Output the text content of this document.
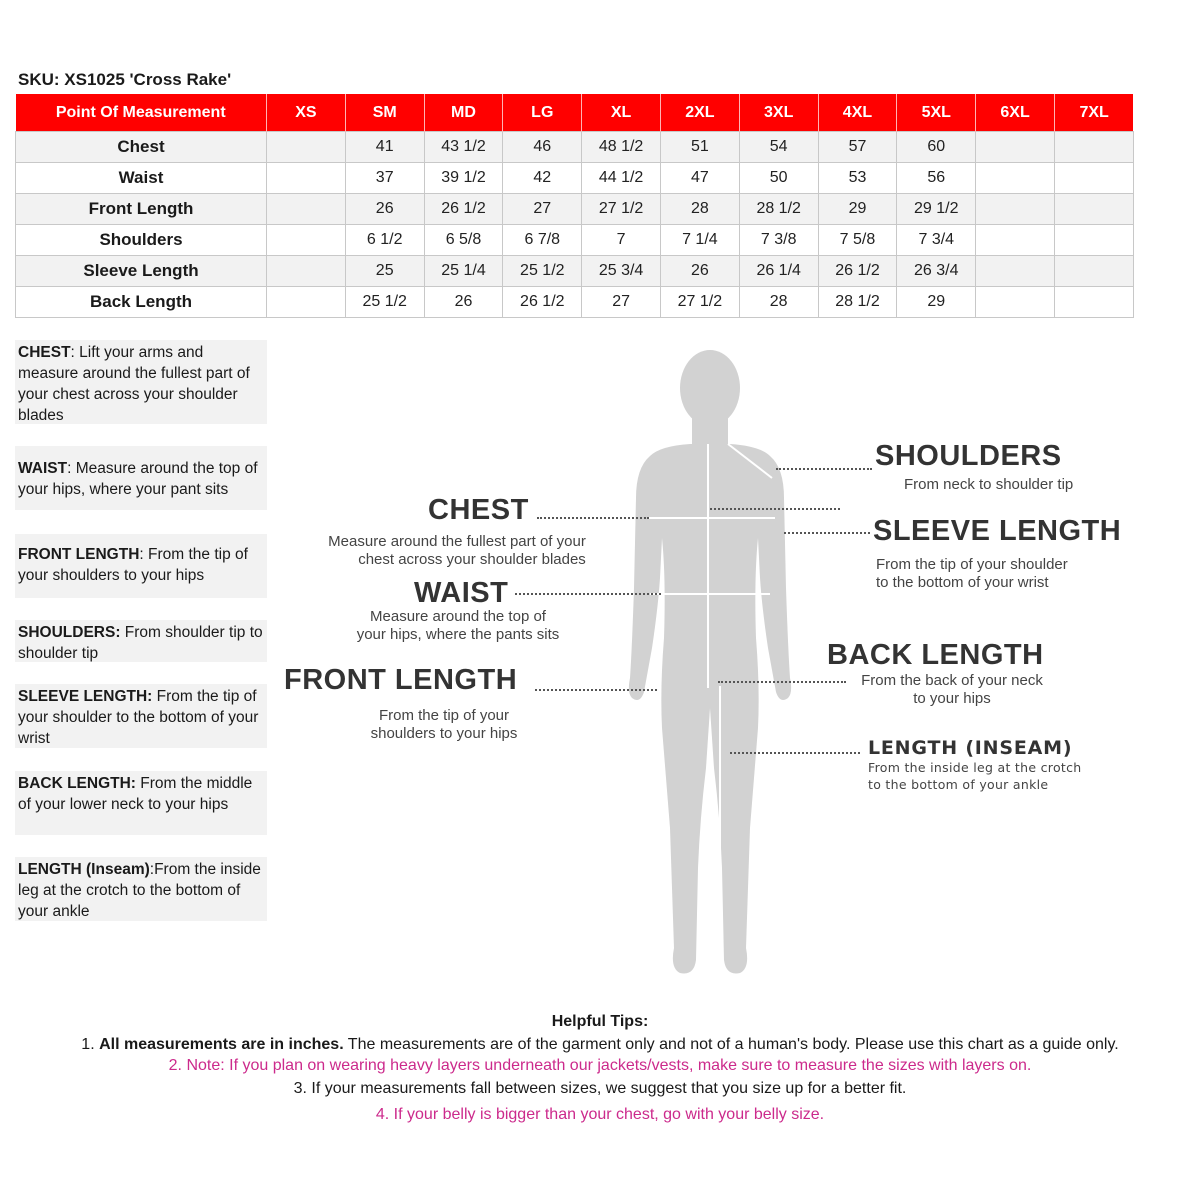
SKU: XS1025 'Cross Rake'
Point Of Measurement	XS	SM	MD	LG	XL	2XL	3XL	4XL	5XL	6XL	7XL
Chest		41	43 1/2	46	48 1/2	51	54	57	60		
Waist		37	39 1/2	42	44 1/2	47	50	53	56		
Front Length		26	26 1/2	27	27 1/2	28	28 1/2	29	29 1/2		
Shoulders		6 1/2	6 5/8	6 7/8	7	7 1/4	7 3/8	7 5/8	7 3/4		
Sleeve Length		25	25 1/4	25 1/2	25 3/4	26	26 1/4	26 1/2	26 3/4		
Back Length		25 1/2	26	26 1/2	27	27 1/2	28	28 1/2	29		
CHEST: Lift your arms and measure around the fullest part of your chest across your shoulder blades
WAIST: Measure around the top of your hips, where your pant sits
FRONT LENGTH: From the tip of your shoulders to your hips
SHOULDERS: From shoulder tip to shoulder tip
SLEEVE LENGTH: From the tip of your shoulder to the bottom of your wrist
BACK LENGTH: From the middle of your lower neck to your hips
LENGTH (Inseam):From the inside leg at the crotch to the bottom of your ankle
CHEST
Measure around the fullest part of your
chest across your shoulder blades
WAIST
Measure around the top of
your hips, where the pants sits
FRONT LENGTH
From the tip of your
shoulders to your hips
SHOULDERS
From neck to shoulder tip
SLEEVE LENGTH
From the tip of your shoulder
to the bottom of your wrist
BACK LENGTH
From the back of your neck
to your hips
LENGTH (INSEAM)
From the inside leg at the crotch
to the bottom of your ankle
Helpful Tips:
1. All measurements are in inches. The measurements are of the garment only and not of a human's body. Please use this chart as a guide only.
2. Note: If you plan on wearing heavy layers underneath our jackets/vests, make sure to measure the sizes with layers on.
3. If your measurements fall between sizes, we suggest that you size up for a better fit.
4. If your belly is bigger than your chest, go with your belly size.
